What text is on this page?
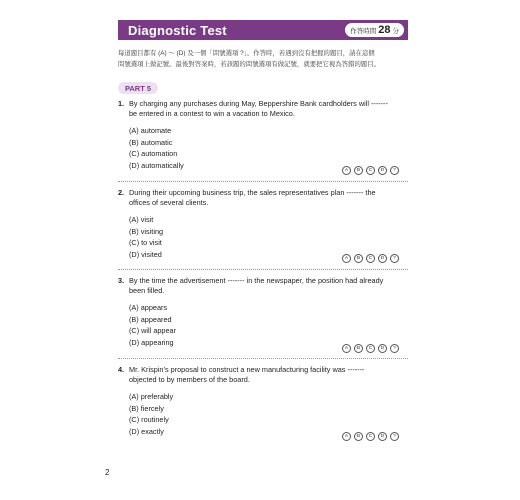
Diagnostic Test	作答時間 28 分
每道題目都有 (A) ～ (D) 及一個「問號選項 ?」。作答時，若遇到沒有把握的題目，請在這個
問號選項上做記號。最後對答案時，若該題的問號選項有做記號，就要把它視為答錯的題目。
PART 5
1. By charging any purchases during May, Beppershire Bank cardholders will -------
be entered in a contest to win a vacation to Mexico.
(A) automate
(B) automatic
(C) automation
(D) automatically
A	B	C	D	?
2. During their upcoming business trip, the sales representatives plan ------- the
offices of several clients.
(A) visit
(B) visiting
(C) to visit
(D) visited	A	B	C	D	?
3. By the time the advertisement ------- in the newspaper, the position had already
been filled.
(A) appears
(B) appeared
(C) will appear
(D) appearing
A	B	C	D	?
4. Mr. Krispin’s proposal to construct a new manufacturing facility was -------
objected to by members of the board.
(A) preferably
(B) fiercely
(C) routinely
(D) exactly
A	B	C	D	?
2
